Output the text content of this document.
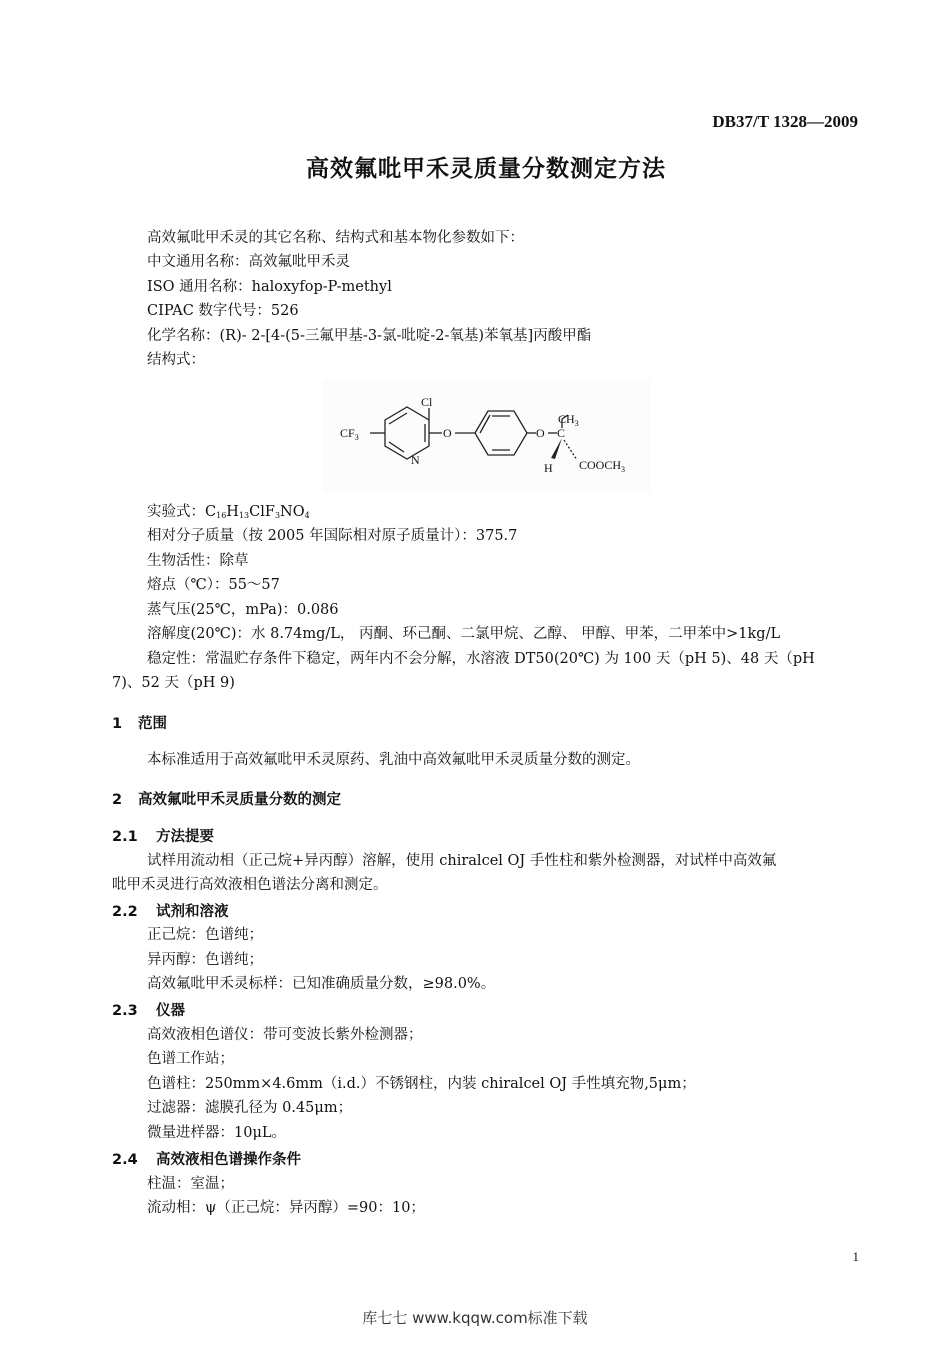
DB37/T 1328—2009
高效氟吡甲禾灵质量分数测定方法
高效氟吡甲禾灵的其它名称、结构式和基本物化参数如下：
中文通用名称：高效氟吡甲禾灵
ISO 通用名称：haloxyfop-P-methyl
CIPAC 数字代号：526
化学名称：(R)- 2-[4-(5-三氟甲基-3-氯-吡啶-2-氧基)苯氧基]丙酸甲酯
结构式：
Cl
$CF_3$
N
O	O C
$CH_3$
H $COOCH_3$
实验式：$C_{16}H_{13}ClF_3NO_4$
相对分子质量（按 2005 年国际相对原子质量计）：375.7
生物活性：除草
熔点（℃）：55～57
蒸气压(25℃，mPa)：0.086
溶解度(20℃)：水 8.74mg/L， 丙酮、环己酮、二氯甲烷、乙醇、 甲醇、甲苯，二甲苯中>1kg/L
稳定性：常温贮存条件下稳定，两年内不会分解，水溶液 DT50(20℃) 为 100 天（pH 5)、48 天（pH
7)、52 天（pH 9)
1 范围
本标准适用于高效氟吡甲禾灵原药、乳油中高效氟吡甲禾灵质量分数的测定。
2 高效氟吡甲禾灵质量分数的测定
2.1 方法提要
试样用流动相（正己烷+异丙醇）溶解，使用 chiralcel OJ 手性柱和紫外检测器，对试样中高效氟
吡甲禾灵进行高效液相色谱法分离和测定。
2.2 试剂和溶液
正己烷：色谱纯；
异丙醇：色谱纯；
高效氟吡甲禾灵标样：已知准确质量分数，≥98.0%。
2.3 仪器
高效液相色谱仪：带可变波长紫外检测器；
色谱工作站；
色谱柱：250mm×4.6mm（i.d.）不锈钢柱，内装 chiralcel OJ 手性填充物,5μm；
过滤器：滤膜孔径为 0.45μm；
微量进样器：10μL。
2.4 高效液相色谱操作条件
柱温：室温；
流动相：ψ（正己烷：异丙醇）=90：10；
1
库七七 www.kqqw.com标准下载
